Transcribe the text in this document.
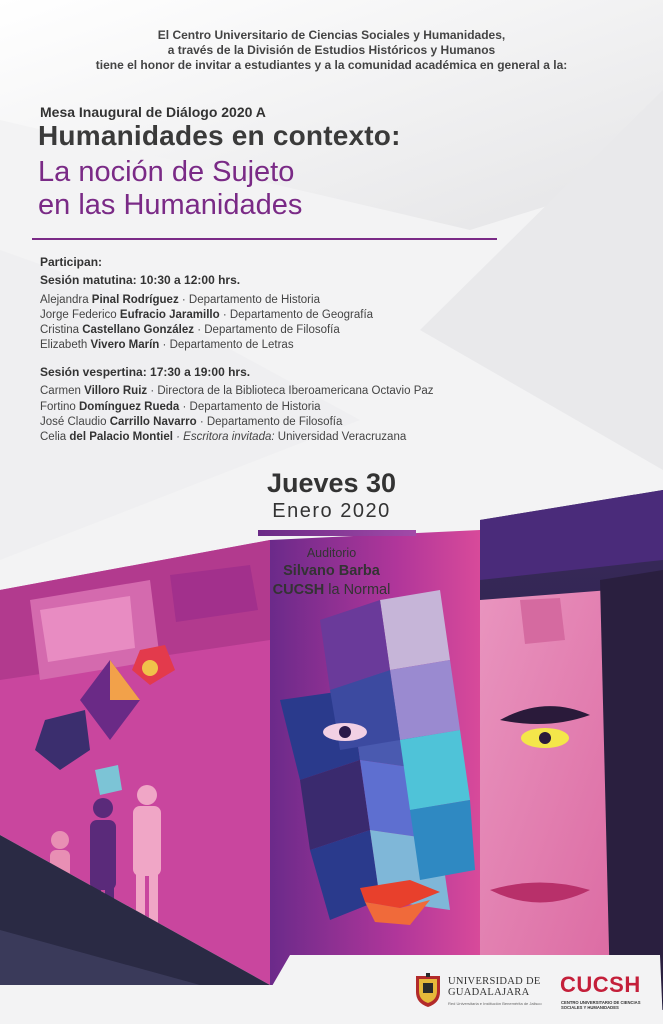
El Centro Universitario de Ciencias Sociales y Humanidades,
a través de la División de Estudios Históricos y Humanos
tiene el honor de invitar a estudiantes y a la comunidad académica en general a la:
Mesa Inaugural de Diálogo 2020 A
Humanidades en contexto:
La noción de Sujeto
en las Humanidades
Participan:
Sesión matutina: 10:30 a 12:00 hrs.
Alejandra Pinal Rodríguez · Departamento de Historia
Jorge Federico Eufracio Jaramillo · Departamento de Geografía
Cristina Castellano González · Departamento de Filosofía
Elizabeth Vivero Marín · Departamento de Letras
Sesión vespertina: 17:30 a 19:00 hrs.
Carmen Villoro Ruiz · Directora de la Biblioteca Iberoamericana Octavio Paz
Fortino Domínguez Rueda · Departamento de Historia
José Claudio Carrillo Navarro · Departamento de Filosofía
Celia del Palacio Montiel · Escritora invitada: Universidad Veracruzana
Jueves 30
Enero 2020
Auditorio
Silvano Barba
CUCSH la Normal
UNIVERSIDAD DE
GUADALAJARA
Red Universitaria e Institución Benemérita de Jalisco
CUCSH
CENTRO UNIVERSITARIO DE CIENCIAS SOCIALES Y HUMANIDADES
